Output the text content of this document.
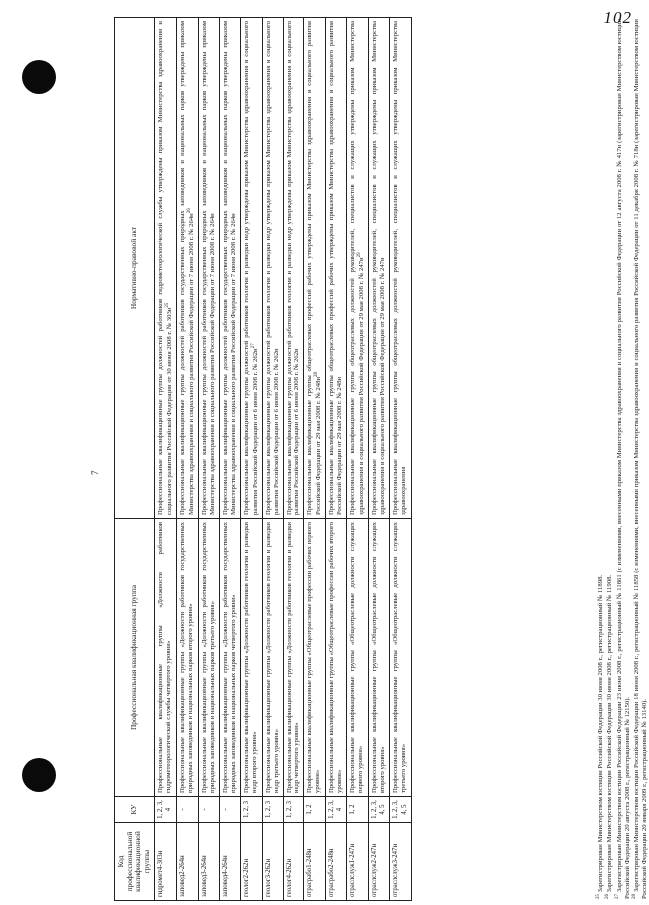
102
7
Код профессиональной квалификационной группы	КУ	Профессиональная квалификационная группа	Нормативно-правовой акт
гидромет4-303н	1, 2, 3, 4	Профессиональные квалификационные группы «Должности работников гидрометеорологической службы четвертого уровня»	Профессиональные квалификационные группы должностей работников гидрометеорологической службы утверждены приказом Министерства здравоохранения и социального развития Российской Федерации от 30 июня 2008 г. № $303н^{25}$
заповед2-264н	-	Профессиональные квалификационные группы «Должности работников государственных природных заповедников и национальных парков второго уровня»	Профессиональные квалификационные группы должностей работников государственных природных заповедников и национальных парков утверждены приказом Министерства здравоохранения и социального развития Российской Федерации от 7 июня 2008 г. № $264н^{26}$
заповед3-264н	-	Профессиональные квалификационные группы «Должности работников государственных природных заповедников и национальных парков третьего уровня»	Профессиональные квалификационные группы должностей работников государственных природных заповедников и национальных парков утверждены приказом Министерства здравоохранения и социального развития Российской Федерации от 7 июня 2008 г. № 264н
заповед4-264н	-	Профессиональные квалификационные группы «Должности работников государственных природных заповедников и национальных парков четвертого уровня»	Профессиональные квалификационные группы должностей работников государственных природных заповедников и национальных парков утверждены приказом Министерства здравоохранения и социального развития Российской Федерации от 7 июня 2008 г. № 264н
геолог2-262н	1, 2, 3	Профессиональные квалификационные группы «Должности работников геологии и разведки недр второго уровня»	Профессиональные квалификационные группы должностей работников геологии и разведки недр утверждены приказом Министерства здравоохранения и социального развития Российской Федерации от 6 июня 2008 г. № $262н^{27}$
геолог3-262н	1, 2, 3	Профессиональные квалификационные группы «Должности работников геологии и разведки недр третьего уровня»	Профессиональные квалификационные группы должностей работников геологии и разведки недр утверждены приказом Министерства здравоохранения и социального развития Российской Федерации от 6 июня 2008 г. № 262н
геолог4-262н	1, 2, 3	Профессиональные квалификационные группы «Должности работников геологии и разведки недр четвертого уровня»	Профессиональные квалификационные группы должностей работников геологии и разведки недр утверждены приказом Министерства здравоохранения и социального развития Российской Федерации от 6 июня 2008 г. № 262н
отрасрабо1-248н	1, 2	Профессиональные квалификационные группы «Общеотраслевые профессии рабочих первого уровня»	Профессиональные квалификационные группы общеотраслевых профессий рабочих утверждены приказом Министерства здравоохранения и социального развития Российской Федерации от 29 мая 2008 г. № $248н^{28}$
отрасрабо2-248н	1, 2, 3, 4	Профессиональные квалификационные группы «Общеотраслевые профессии рабочих второго уровня»	Профессиональные квалификационные группы общеотраслевых профессий рабочих утверждены приказом Министерства здравоохранения и социального развития Российской Федерации от 29 мая 2008 г. № 248н
отраслслуж1-247н	1, 2	Профессиональные квалификационные группы «Общеотраслевые должности служащих первого уровня»	Профессиональные квалификационные группы общеотраслевых должностей руководителей, специалистов и служащих утверждены приказом Министерства здравоохранения и социального развития Российской Федерации от 29 мая 2008 г. № $247н^{29}$
отраслслуж2-247н	1, 2, 3, 4, 5	Профессиональные квалификационные группы «Общеотраслевые должности служащих второго уровня»	Профессиональные квалификационные группы общеотраслевых должностей руководителей, специалистов и служащих утверждены приказом Министерства здравоохранения и социального развития Российской Федерации от 29 мая 2008 г. № 247н
отраслслуж3-247н	1, 2, 3, 4, 5	Профессиональные квалификационные группы «Общеотраслевые должности служащих третьего уровня»	Профессиональные квалификационные группы общеотраслевых должностей руководителей, специалистов и служащих утверждены приказом Министерства здравоохранения

$^{25}$ Зарегистрирован Министерством юстиции Российской Федерации 30 июня 2008 г., регистрационный № 11898.

$^{26}$ Зарегистрирован Министерством юстиции Российской Федерации 30 июня 2008 г., регистрационный № 11908.

$^{27}$ Зарегистрирован Министерством юстиции Российской Федерации 23 июня 2008 г., регистрационный № 11861 (с изменениями, внесенными приказом Министерства здравоохранения и социального развития Российской Федерации от 12 августа 2008 г. № 417н (зарегистрирован Министерством юстиции Российской Федерации 20 августа 2008 г., регистрационный № 12150). $^{28}$ Зарегистрирован Министерством юстиции Российской Федерации 18 июня 2008 г., регистрационный № 11858 (с изменениями, внесенными приказом Министерства здравоохранения и социального развития Российской Федерации от 11 декабря 2008 г. № 718н (зарегистрирован Министерством юстиции Российской Федерации 20 января 2009 г., регистрационный № 13140).
